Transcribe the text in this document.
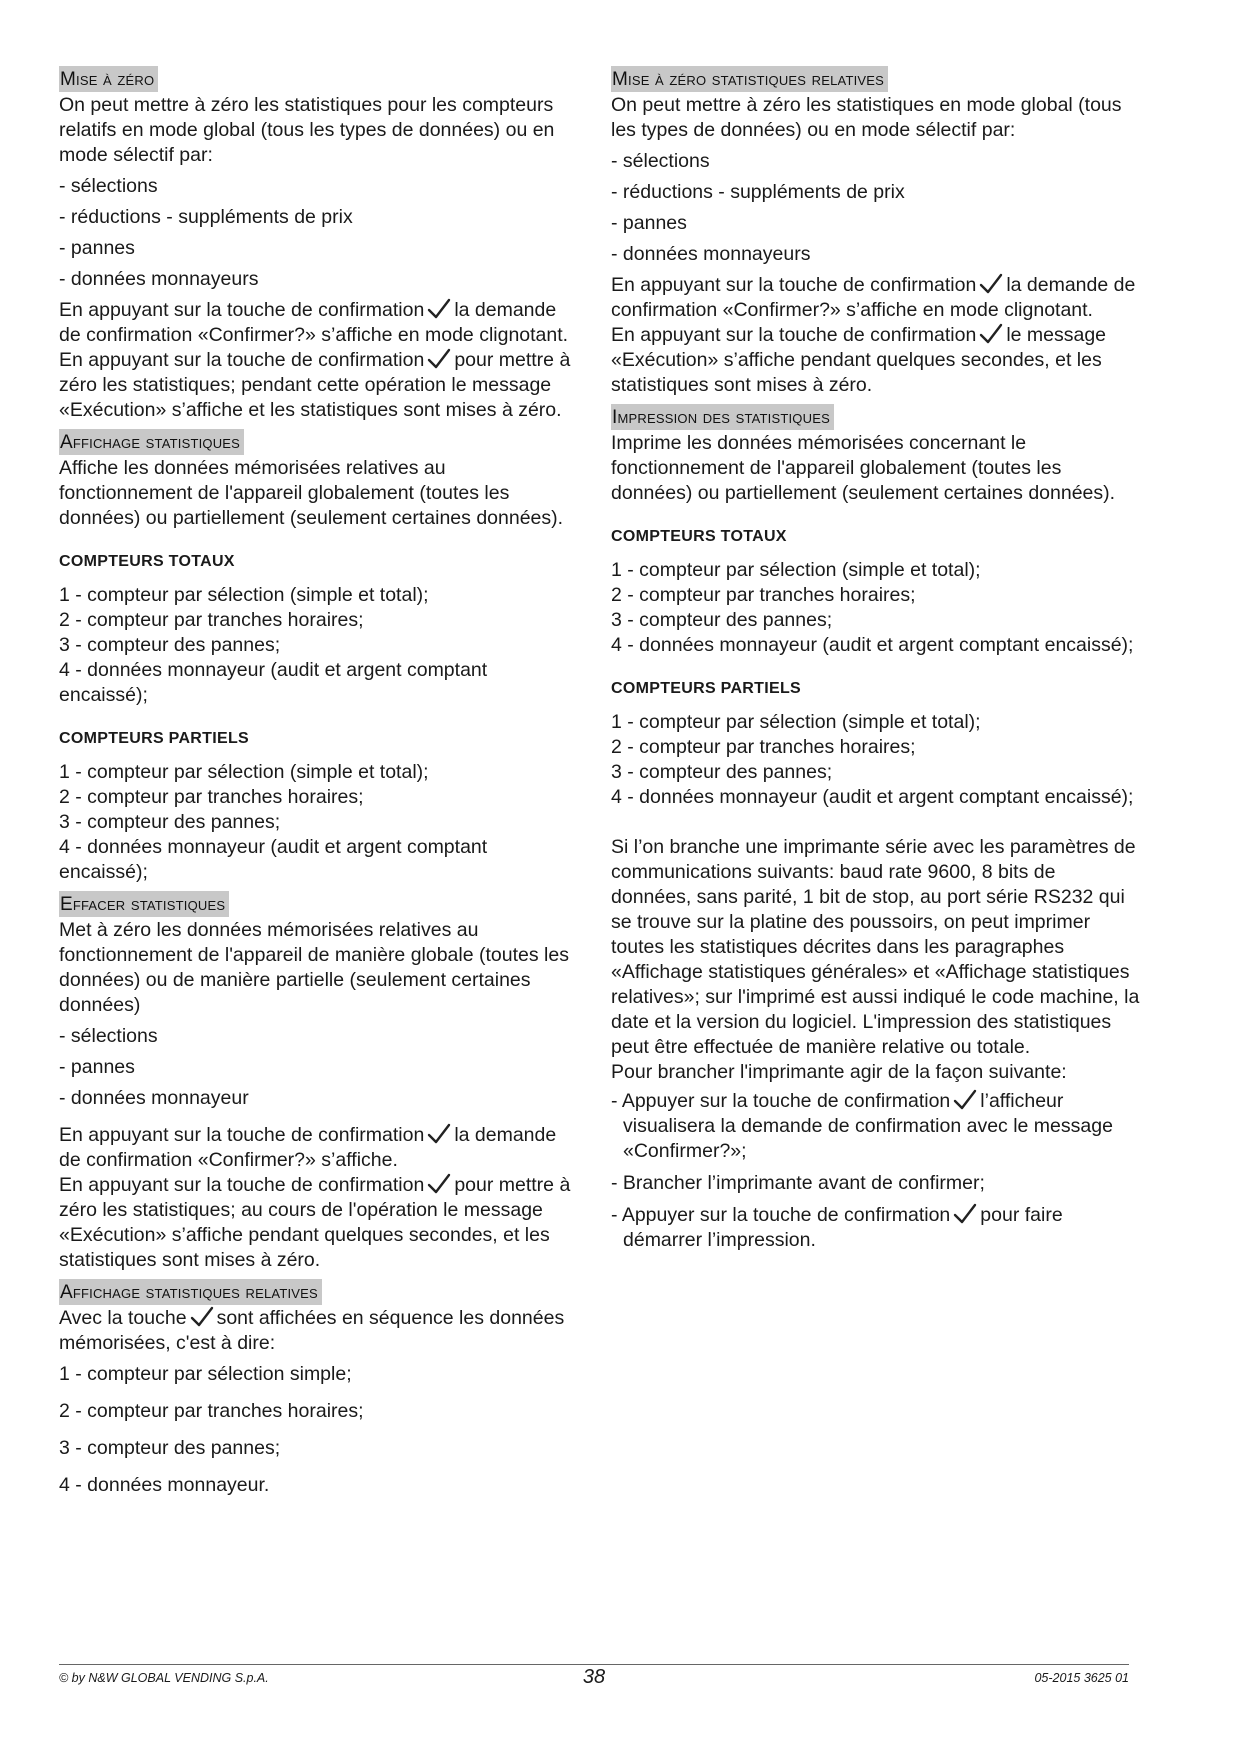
Mise à zéro

On peut mettre à zéro les statistiques pour les compteurs relatifs en mode global (tous les types de données) ou en mode sélectif par:

- sélections

- réductions - suppléments de prix

- pannes

- données monnayeurs

En appuyant sur la touche de confirmation la demande de confirmation «Confirmer?» s’affiche en mode clignotant.

En appuyant sur la touche de confirmation pour mettre à zéro les statistiques; pendant cette opération le message «Exécution» s’affiche et les statistiques sont mises à zéro.

Affichage statistiques

Affiche les données mémorisées relatives au fonctionnement de l'appareil globalement (toutes les données) ou partiellement (seulement certaines données).

COMPTEURS TOTAUX

1 - compteur par sélection (simple et total);

2 - compteur par tranches horaires;

3 - compteur des pannes;

4 - données monnayeur (audit et argent comptant encaissé);

COMPTEURS PARTIELS

1 - compteur par sélection (simple et total);

2 - compteur par tranches horaires;

3 - compteur des pannes;

4 - données monnayeur (audit et argent comptant encaissé);

Effacer statistiques

Met à zéro les données mémorisées relatives au fonctionnement de l'appareil de manière globale (toutes les données) ou de manière partielle (seulement certaines données)

- sélections

- pannes

- données monnayeur

En appuyant sur la touche de confirmation la demande de confirmation «Confirmer?» s’affiche.

En appuyant sur la touche de confirmation pour mettre à zéro les statistiques; au cours de l'opération le message «Exécution» s’affiche pendant quelques secondes, et les statistiques sont mises à zéro.

Affichage statistiques relatives

Avec la touche sont affichées en séquence les données mémorisées, c'est à dire:

1 - compteur par sélection simple;

2 - compteur par tranches horaires;

3 - compteur des pannes;

4 - données monnayeur.

Mise à zéro statistiques relatives

On peut mettre à zéro les statistiques en mode global (tous les types de données) ou en mode sélectif par:

- sélections

- réductions - suppléments de prix

- pannes

- données monnayeurs

En appuyant sur la touche de confirmation la demande de confirmation «Confirmer?» s’affiche en mode clignotant.

En appuyant sur la touche de confirmation le message «Exécution» s’affiche pendant quelques secondes, et les statistiques sont mises à zéro.

Impression des statistiques

Imprime les données mémorisées concernant le fonctionnement de l'appareil globalement (toutes les données) ou partiellement (seulement certaines données).

COMPTEURS TOTAUX

1 - compteur par sélection (simple et total);

2 - compteur par tranches horaires;

3 - compteur des pannes;

4 - données monnayeur (audit et argent comptant encaissé);

COMPTEURS PARTIELS

1 - compteur par sélection (simple et total);

2 - compteur par tranches horaires;

3 - compteur des pannes;

4 - données monnayeur (audit et argent comptant encaissé);

Si l’on branche une imprimante série avec les paramètres de communications suivants: baud rate 9600, 8 bits de données, sans parité, 1 bit de stop, au port série RS232 qui se trouve sur la platine des poussoirs, on peut imprimer toutes les statistiques décrites dans les paragraphes «Affichage statistiques générales» et «Affichage statistiques relatives»; sur l'imprimé est aussi indiqué le code machine, la date et la version du logiciel. L'impression des statistiques peut être effectuée de manière relative ou totale.

Pour brancher l'imprimante agir de la façon suivante:

- Appuyer sur la touche de confirmation l’afficheur visualisera la demande de confirmation avec le message «Confirmer?»;

- Brancher l’imprimante avant de confirmer;

- Appuyer sur la touche de confirmation pour faire démarrer l’impression.

© by N&W GLOBAL VENDING S.p.A.	38	05-2015 3625 01
